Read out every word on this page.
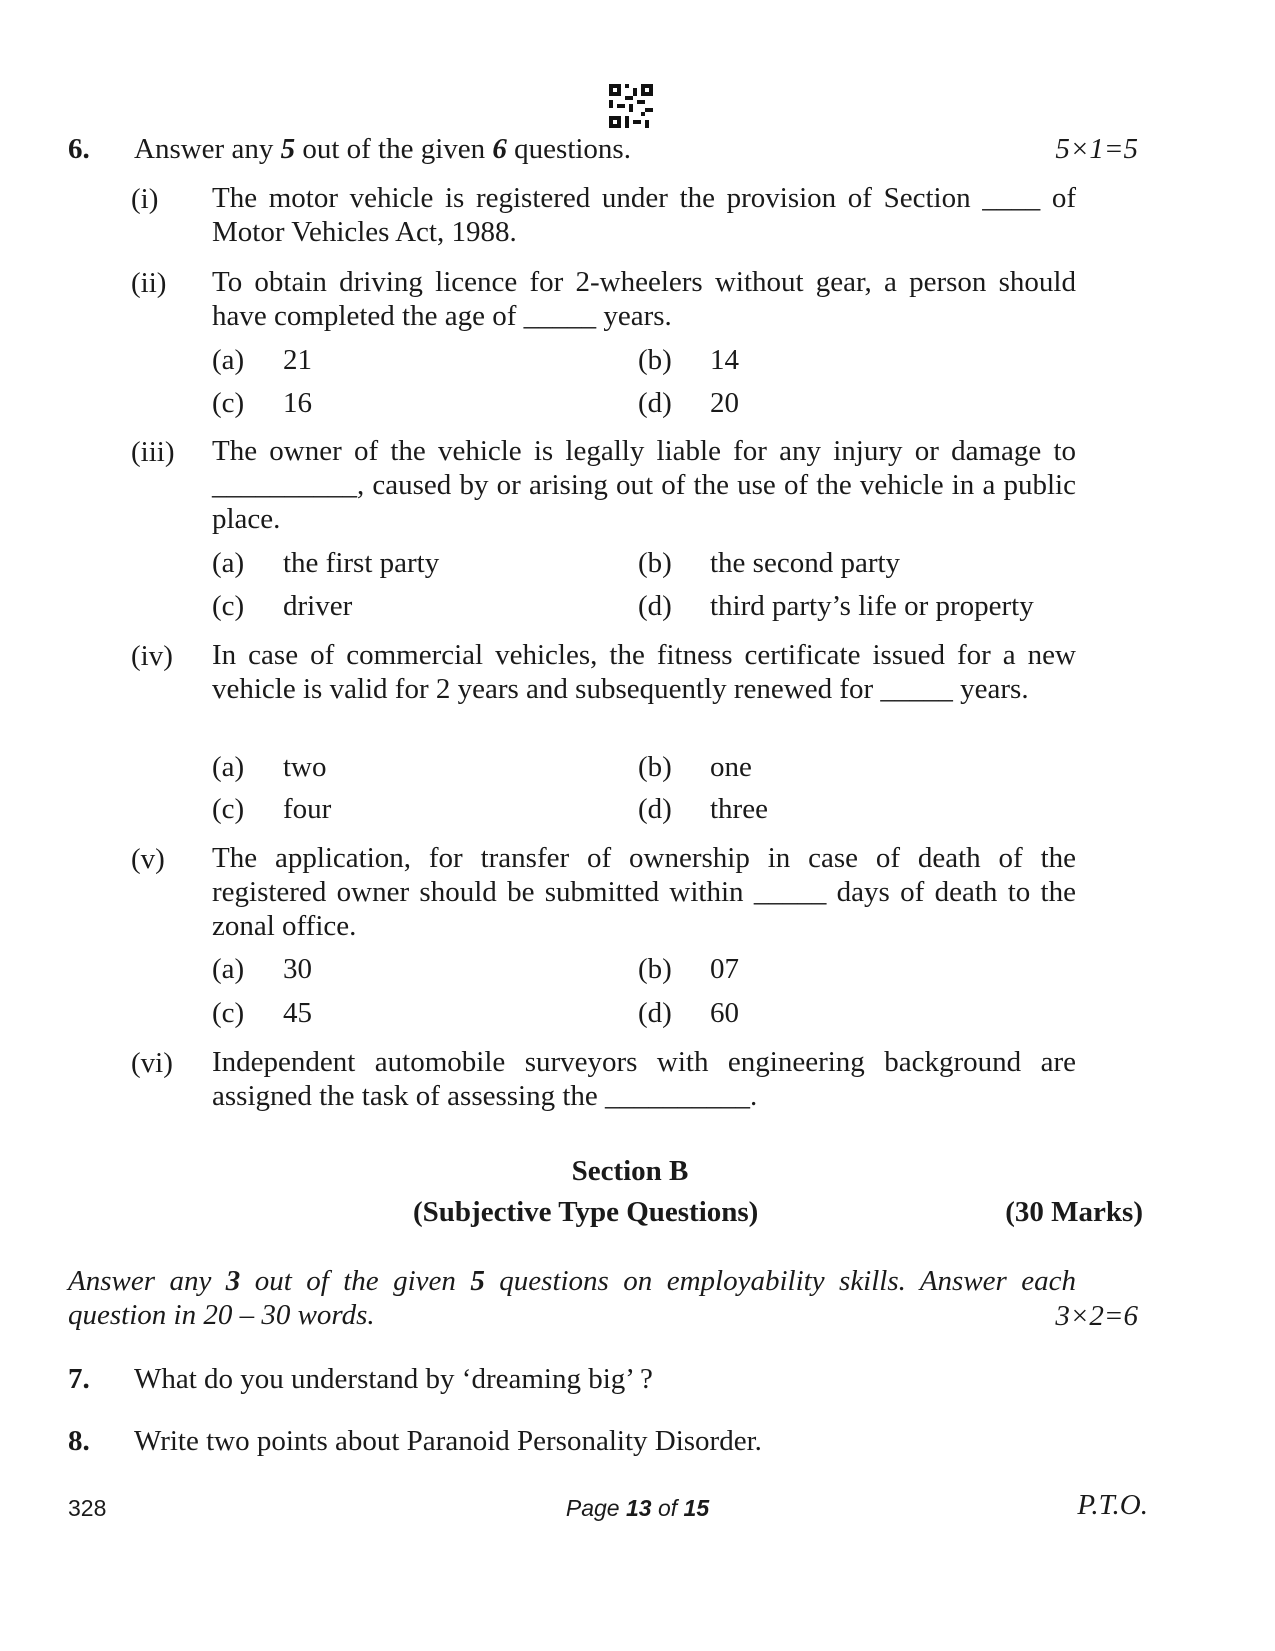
6. Answer any 5 out of the given 6 questions.	5×1=5
(i) The motor vehicle is registered under the provision of Section ____ of Motor Vehicles Act, 1988.
(ii) To obtain driving licence for 2-wheelers without gear, a person should have completed the age of _____ years.
(a) 21	(b) 14
(c) 16	(d) 20
(iii) The owner of the vehicle is legally liable for any injury or damage to __________, caused by or arising out of the use of the vehicle in a public place.
(a) the first party	(b) the second party
(c) driver	(d) third party’s life or property
(iv) In case of commercial vehicles, the fitness certificate issued for a new vehicle is valid for 2 years and subsequently renewed for _____ years.
(a) two	(b) one
(c) four	(d) three
(v) The application, for transfer of ownership in case of death of the registered owner should be submitted within _____ days of death to the zonal office.
(a) 30	(b) 07
(c) 45	(d) 60
(vi) Independent automobile surveyors with engineering background are assigned the task of assessing the __________.
Section B
(Subjective Type Questions)	(30 Marks)
Answer any 3 out of the given 5 questions on employability skills. Answer each question in 20 – 30 words.	3×2=6
7. What do you understand by ‘dreaming big’ ?
8. Write two points about Paranoid Personality Disorder.
328	Page 13 of 15	P.T.O.
